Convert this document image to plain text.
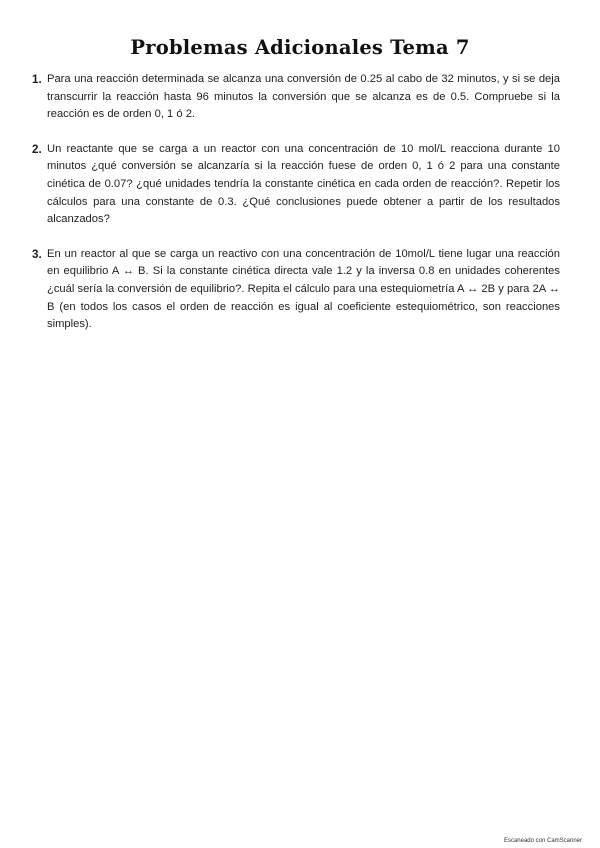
Problemas Adicionales Tema 7
1. Para una reacción determinada se alcanza una conversión de 0.25 al cabo de 32 minutos, y si se deja transcurrir la reacción hasta 96 minutos la conversión que se alcanza es de 0.5. Compruebe si la reacción es de orden 0, 1 ó 2.
2. Un reactante que se carga a un reactor con una concentración de 10 mol/L reacciona durante 10 minutos ¿qué conversión se alcanzaría si la reacción fuese de orden 0, 1 ó 2 para una constante cinética de 0.07? ¿qué unidades tendría la constante cinética en cada orden de reacción?. Repetir los cálculos para una constante de 0.3. ¿Qué conclusiones puede obtener a partir de los resultados alcanzados?
3. En un reactor al que se carga un reactivo con una concentración de 10mol/L tiene lugar una reacción en equilibrio A ↔ B. Si la constante cinética directa vale 1.2 y la inversa 0.8 en unidades coherentes ¿cuál sería la conversión de equilibrio?. Repita el cálculo para una estequiometría A ↔ 2B y para 2A ↔ B (en todos los casos el orden de reacción es igual al coeficiente estequiométrico, son reacciones simples).
Escaneado con CamScanner
